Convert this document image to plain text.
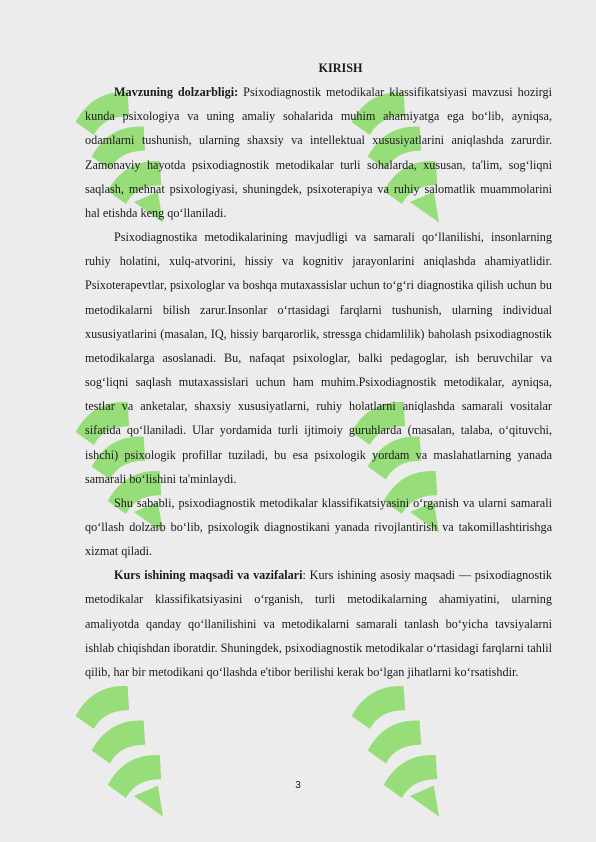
KIRISH

Mavzuning dolzarbligi: Psixodiagnostik metodikalar klassifikatsiyasi mavzusi hozirgi kunda psixologiya va uning amaliy sohalarida muhim ahamiyatga ega bo‘lib, ayniqsa, odamlarni tushunish, ularning shaxsiy va intellektual xususiyatlarini aniqlashda zarurdir. Zamonaviy hayotda psixodiagnostik metodikalar turli sohalarda, xususan, ta'lim, sog‘liqni saqlash, mehnat psixologiyasi, shuningdek, psixoterapiya va ruhiy salomatlik muammolarini hal etishda keng qo‘llaniladi.

Psixodiagnostika metodikalarining mavjudligi va samarali qo‘llanilishi, insonlarning ruhiy holatini, xulq-atvorini, hissiy va kognitiv jarayonlarini aniqlashda ahamiyatlidir. Psixoterapevtlar, psixologlar va boshqa mutaxassislar uchun to‘g‘ri diagnostika qilish uchun bu metodikalarni bilish zarur.Insonlar o‘rtasidagi farqlarni tushunish, ularning individual xususiyatlarini (masalan, IQ, hissiy barqarorlik, stressga chidamlilik) baholash psixodiagnostik metodikalarga asoslanadi. Bu, nafaqat psixologlar, balki pedagoglar, ish beruvchilar va sog‘liqni saqlash mutaxassislari uchun ham muhim.Psixodiagnostik metodikalar, ayniqsa, testlar va anketalar, shaxsiy xususiyatlarni, ruhiy holatlarni aniqlashda samarali vositalar sifatida qo‘llaniladi. Ular yordamida turli ijtimoiy guruhlarda (masalan, talaba, o‘qituvchi, ishchi) psixologik profillar tuziladi, bu esa psixologik yordam va maslahatlarning yanada samarali bo‘lishini ta'minlaydi.

Shu sababli, psixodiagnostik metodikalar klassifikatsiyasini o‘rganish va ularni samarali qo‘llash dolzarb bo‘lib, psixologik diagnostikani yanada rivojlantirish va takomillashtirishga xizmat qiladi.

Kurs ishining maqsadi va vazifalari: Kurs ishining asosiy maqsadi — psixodiagnostik metodikalar klassifikatsiyasini o‘rganish, turli metodikalarning ahamiyatini, ularning amaliyotda qanday qo‘llanilishini va metodikalarni samarali tanlash bo‘yicha tavsiyalarni ishlab chiqishdan iboratdir. Shuningdek, psixodiagnostik metodikalar o‘rtasidagi farqlarni tahlil qilib, har bir metodikani qo‘llashda e'tibor berilishi kerak bo‘lgan jihatlarni ko‘rsatishdir.

3
